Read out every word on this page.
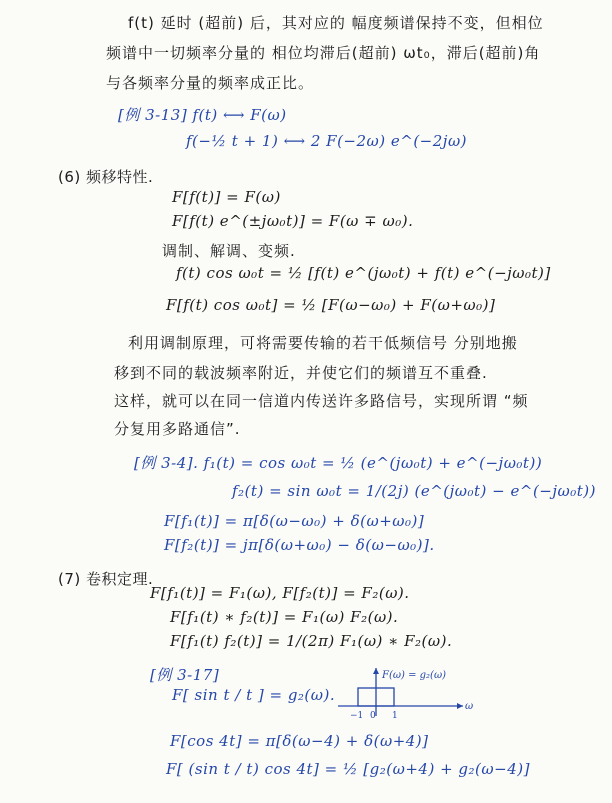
f(t) 延时 (超前) 后，其对应的 幅度频谱保持不变，但相位
频谱中一切频率分量的 相位均滞后(超前) ωt₀，滞后(超前)角
与各频率分量的频率成正比。
[例 3-13] f(t) ⟷ F(ω)
f(−½ t + 1) ⟷ 2 F(−2ω) e^(−2jω)
(6) 频移特性.
F[f(t)] = F(ω)
F[f(t) e^(±jω₀t)] = F(ω ∓ ω₀).
调制、解调、变频.
f(t) cos ω₀t = ½ [f(t) e^(jω₀t) + f(t) e^(−jω₀t)]
F[f(t) cos ω₀t] = ½ [F(ω−ω₀) + F(ω+ω₀)]
利用调制原理，可将需要传输的若干低频信号 分别地搬
移到不同的载波频率附近，并使它们的频谱互不重叠.
这样，就可以在同一信道内传送许多路信号，实现所谓 “频
分复用多路通信”.
[例 3-4]. f₁(t) = cos ω₀t = ½ (e^(jω₀t) + e^(−jω₀t))
f₂(t) = sin ω₀t = 1/(2j) (e^(jω₀t) − e^(−jω₀t))
F[f₁(t)] = π[δ(ω−ω₀) + δ(ω+ω₀)]
F[f₂(t)] = jπ[δ(ω+ω₀) − δ(ω−ω₀)].
(7) 卷积定理.
F[f₁(t)] = F₁(ω), F[f₂(t)] = F₂(ω).
F[f₁(t) ∗ f₂(t)] = F₁(ω) F₂(ω).
F[f₁(t) f₂(t)] = 1/(2π) F₁(ω) ∗ F₂(ω).
[例 3-17]
F[ sin t / t ] = g₂(ω).
F[cos 4t] = π[δ(ω−4) + δ(ω+4)]
F[ (sin t / t) cos 4t] = ½ [g₂(ω+4) + g₂(ω−4)]
F(ω) = g₂(ω)
ω
−1	1
0
